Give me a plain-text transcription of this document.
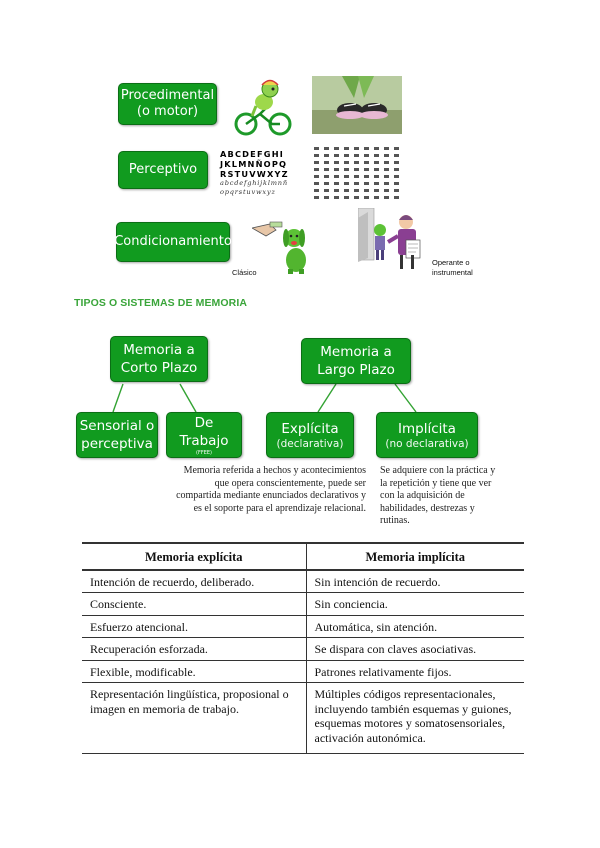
Procedimental (o motor)
Perceptivo
ABCDEFGHI
JKLMNÑOPQ
RSTUVWXYZ
abcdefghijklmnñ
opqrstuvwxyz
Condicionamiento
Clásico
Operante o
instrumental
TIPOS O SISTEMAS DE MEMORIA
Memoria a Corto Plazo
Memoria a Largo Plazo
Sensorial o perceptiva
De Trabajo
(FFEE)
Explícita
(declarativa)
Implícita
(no declarativa)
Memoria referida a hechos y acontecimientos que opera conscientemente, puede ser compartida mediante enunciados declarativos y es el soporte para el aprendizaje relacional.
Se adquiere con la práctica y la repetición y tiene que ver con la adquisición de habilidades, destrezas y rutinas.
Memoria explícita	Memoria implícita
Intención de recuerdo, deliberado.	Sin intención de recuerdo.
Consciente.	Sin conciencia.
Esfuerzo atencional.	Automática, sin atención.
Recuperación esforzada.	Se dispara con claves asociativas.
Flexible, modificable.	Patrones relativamente fijos.
Representación lingüística, proposional o imagen en memoria de trabajo.	Múltiples códigos representacionales, incluyendo también esquemas y guiones, esquemas motores y somatosensoriales, activación autonómica.
